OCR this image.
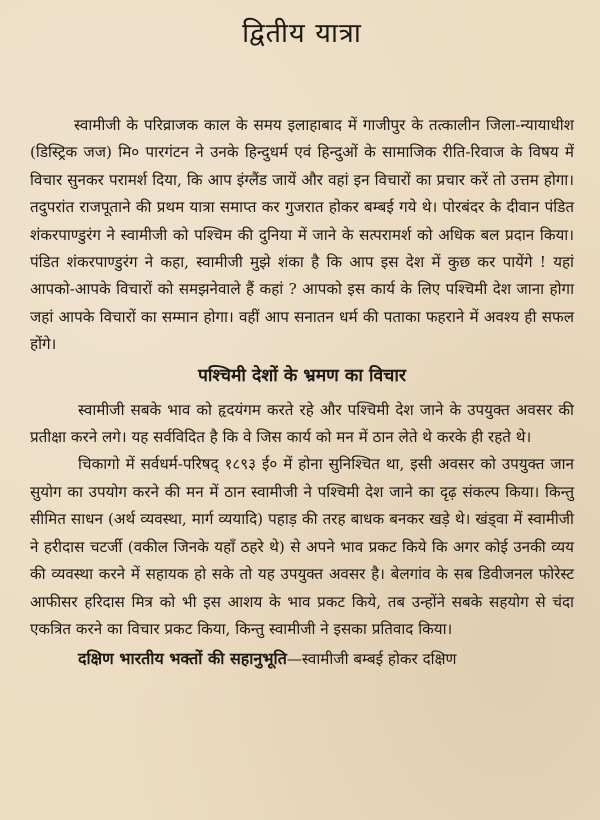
द्वितीय यात्रा

स्वामीजी के परिव्राजक काल के समय इलाहाबाद में गाजीपुर के तत्कालीन जिला-न्यायाधीश (डिस्ट्रिक जज) मि० पारगंटन ने उनके हिन्दुधर्म एवं हिन्दुओं के सामाजिक रीति-रिवाज के विषय में विचार सुनकर परामर्श दिया, कि आप इंग्लैंड जायें और वहां इन विचारों का प्रचार करें तो उत्तम होगा। तदुपरांत राजपूताने की प्रथम यात्रा समाप्त कर गुजरात होकर बम्बई गये थे। पोरबंदर के दीवान पंडित शंकरपाण्डुरंग ने स्वामीजी को पश्चिम की दुनिया में जाने के सत्परामर्श को अधिक बल प्रदान किया। पंडित शंकरपाण्डुरंग ने कहा, स्वामीजी मुझे शंका है कि आप इस देश में कुछ कर पायेंगे ! यहां आपको-आपके विचारों को समझनेवाले हैं कहां ? आपको इस कार्य के लिए पश्चिमी देश जाना होगा जहां आपके विचारों का सम्मान होगा। वहीं आप सनातन धर्म की पताका फहराने में अवश्य ही सफल होंगे।

पश्चिमी देशों के भ्रमण का विचार

स्वामीजी सबके भाव को हृदयंगम करते रहे और पश्चिमी देश जाने के उपयुक्त अवसर की प्रतीक्षा करने लगे। यह सर्वविदित है कि वे जिस कार्य को मन में ठान लेते थे करके ही रहते थे।

चिकागो में सर्वधर्म-परिषद् १८९३ ई० में होना सुनिश्चित था, इसी अवसर को उपयुक्त जान सुयोग का उपयोग करने की मन में ठान स्वामीजी ने पश्चिमी देश जाने का दृढ़ संकल्प किया। किन्तु सीमित साधन (अर्थ व्यवस्था, मार्ग व्ययादि) पहाड़ की तरह बाधक बनकर खड़े थे। खंड्वा में स्वामीजी ने हरीदास चटर्जी (वकील जिनके यहाँ ठहरे थे) से अपने भाव प्रकट किये कि अगर कोई उनकी व्यय की व्यवस्था करने में सहायक हो सके तो यह उपयुक्त अवसर है। बेलगांव के सब डिवीजनल फोरेस्ट आफीसर हरिदास मित्र को भी इस आशय के भाव प्रकट किये, तब उन्होंने सबके सहयोग से चंदा एकत्रित करने का विचार प्रकट किया, किन्तु स्वामीजी ने इसका प्रतिवाद किया।

दक्षिण भारतीय भक्तों की सहानुभूति—स्वामीजी बम्बई होकर दक्षिण
